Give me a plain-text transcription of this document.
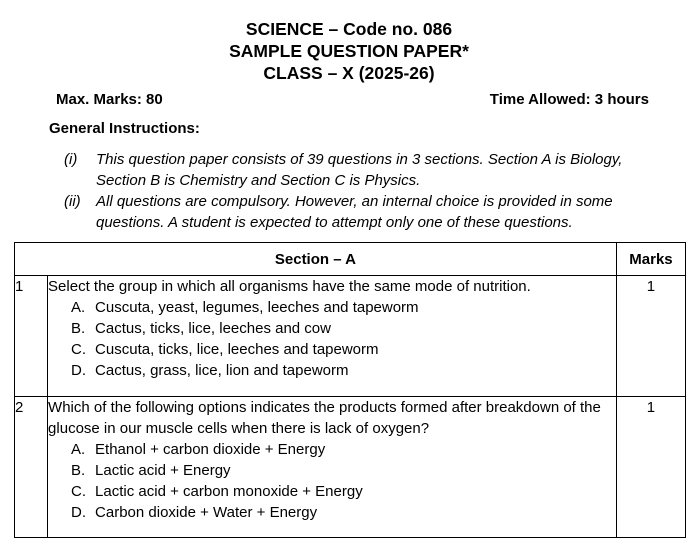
SCIENCE – Code no. 086
SAMPLE QUESTION PAPER*
CLASS – X (2025-26)
Max. Marks: 80	Time Allowed: 3 hours
General Instructions:
(i) This question paper consists of 39 questions in 3 sections. Section A is Biology, Section B is Chemistry and Section C is Physics.
(ii) All questions are compulsory. However, an internal choice is provided in some questions. A student is expected to attempt only one of these questions.
Section – A		Marks
1	Select the group in which all organisms have the same mode of nutrition.
A. Cuscuta, yeast, legumes, leeches and tapeworm
B. Cactus, ticks, lice, leeches and cow
C. Cuscuta, ticks, lice, leeches and tapeworm
D. Cactus, grass, lice, lion and tapeworm	1
2	Which of the following options indicates the products formed after breakdown of the glucose in our muscle cells when there is lack of oxygen?
A. Ethanol + carbon dioxide + Energy
B. Lactic acid + Energy
C. Lactic acid + carbon monoxide + Energy
D. Carbon dioxide + Water + Energy	1
